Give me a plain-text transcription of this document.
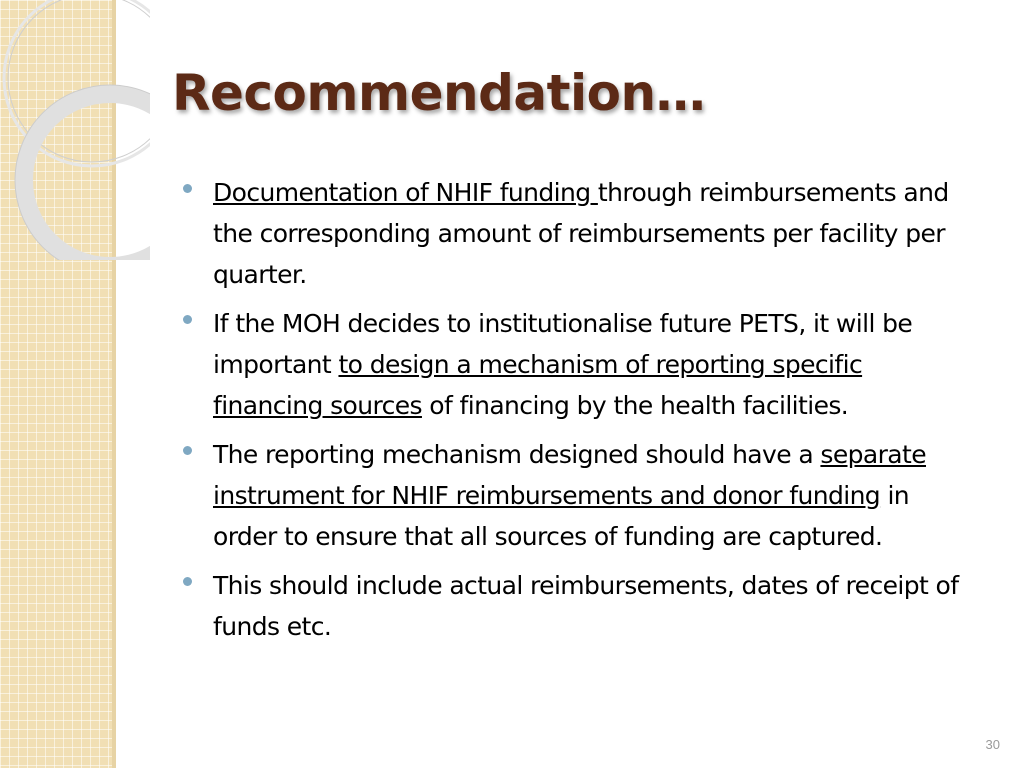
Recommendation…
Documentation of NHIF funding through reimbursements and the corresponding amount of reimbursements per facility per quarter.
If the MOH decides to institutionalise future PETS, it will be important to design a mechanism of reporting specific financing sources of financing by the health facilities.
The reporting mechanism designed should have a separate instrument for NHIF reimbursements and donor funding in order to ensure that all sources of funding are captured.
This should include actual reimbursements, dates of receipt of funds etc.
30
